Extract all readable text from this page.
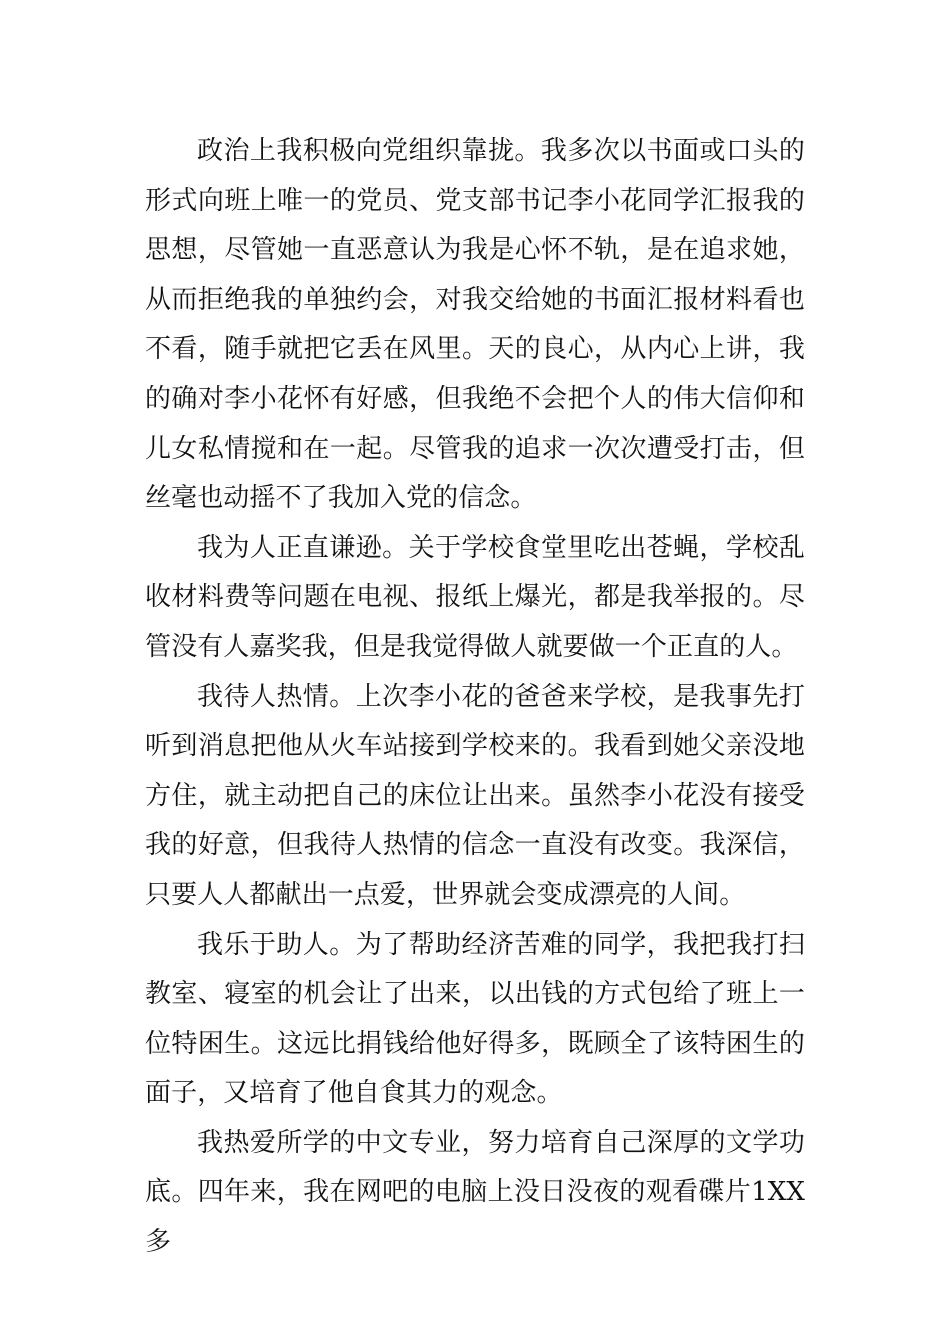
政治上我积极向党组织靠拢。我多次以书面或口头的形式向班上唯一的党员、党支部书记李小花同学汇报我的思想，尽管她一直恶意认为我是心怀不轨，是在追求她，从而拒绝我的单独约会，对我交给她的书面汇报材料看也不看，随手就把它丢在风里。天的良心，从内心上讲，我的确对李小花怀有好感，但我绝不会把个人的伟大信仰和儿女私情搅和在一起。尽管我的追求一次次遭受打击，但丝毫也动摇不了我加入党的信念。

我为人正直谦逊。关于学校食堂里吃出苍蝇，学校乱收材料费等问题在电视、报纸上爆光，都是我举报的。尽管没有人嘉奖我，但是我觉得做人就要做一个正直的人。

我待人热情。上次李小花的爸爸来学校，是我事先打听到消息把他从火车站接到学校来的。我看到她父亲没地方住，就主动把自己的床位让出来。虽然李小花没有接受我的好意，但我待人热情的信念一直没有改变。我深信，只要人人都献出一点爱，世界就会变成漂亮的人间。

我乐于助人。为了帮助经济苦难的同学，我把我打扫教室、寝室的机会让了出来，以出钱的方式包给了班上一位特困生。这远比捐钱给他好得多，既顾全了该特困生的面子，又培育了他自食其力的观念。

我热爱所学的中文专业，努力培育自己深厚的文学功底。四年来，我在网吧的电脑上没日没夜的观看碟片1XX多
